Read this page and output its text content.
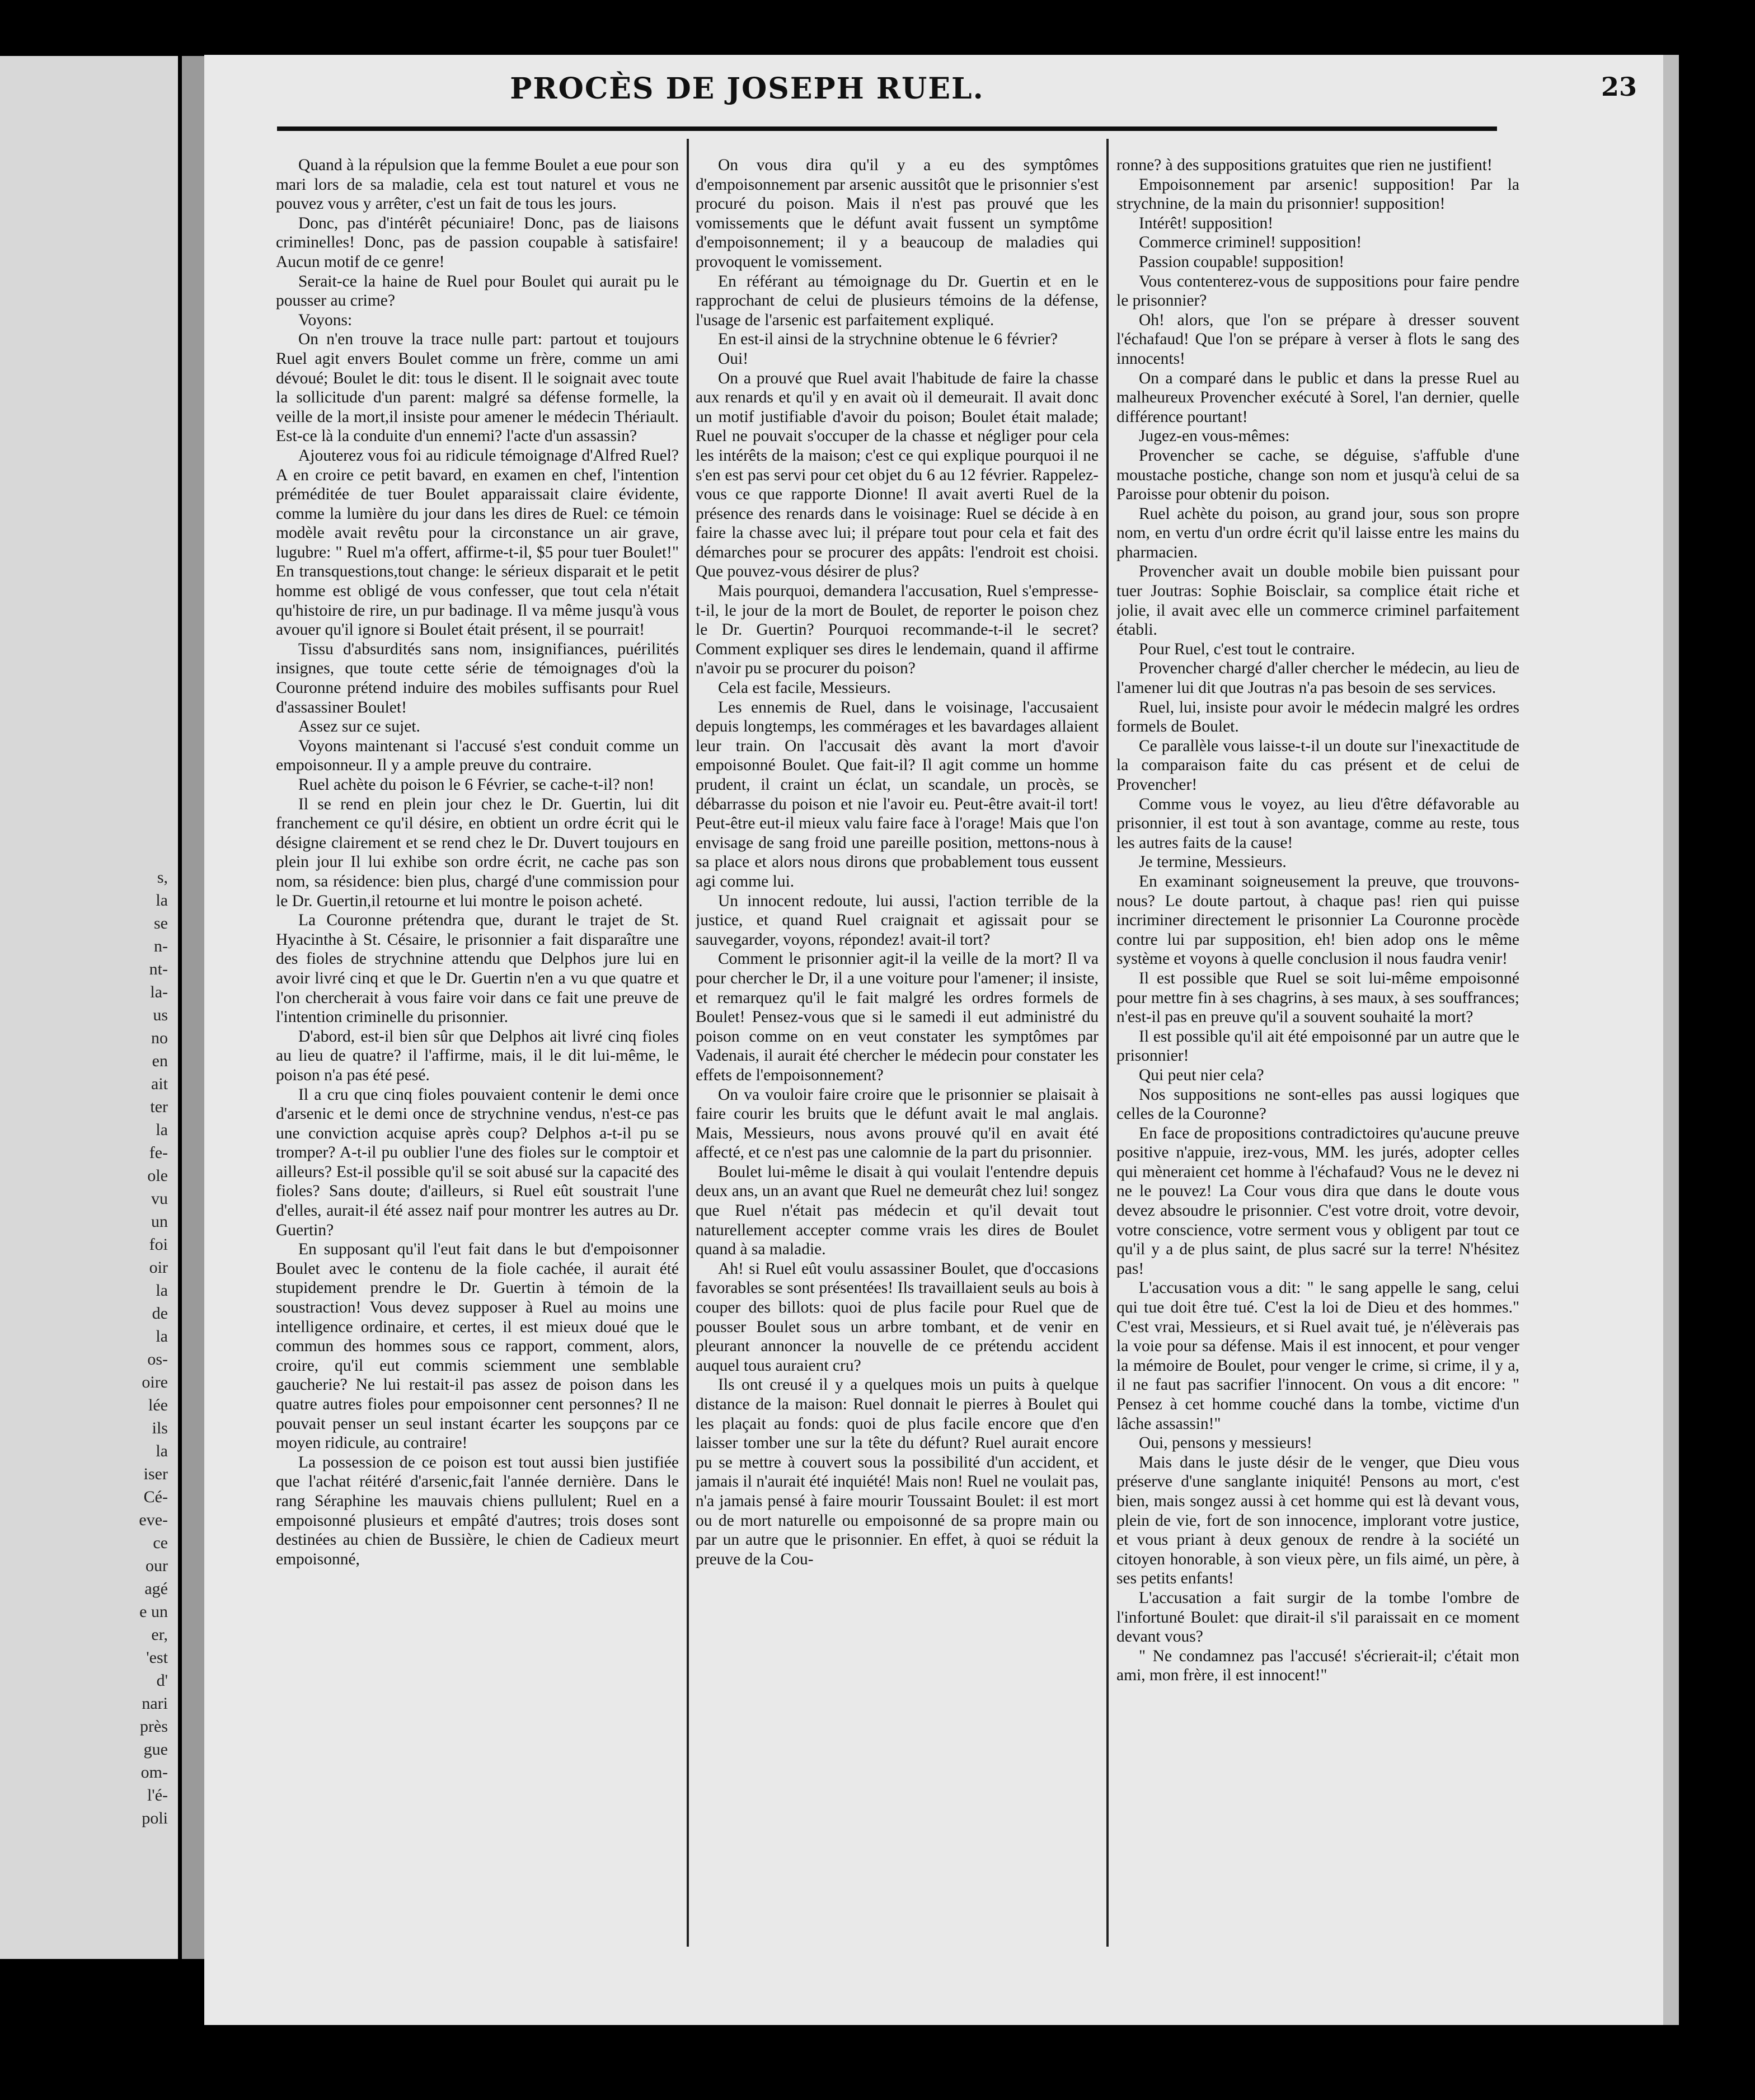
s,
la
se
n-
nt-
la-
us
no
en
ait
ter
la
fe-
ole
vu
un
foi
oir
la
de
la
os-
oire
lée
ils
la
iser
Cé-
eve-
ce
our
agé
e un
er,
'est
d'
nari
près
gue
om-
l'é-
poli
PROCÈS DE JOSEPH RUEL.	23

Quand à la répulsion que la femme Boulet a eue pour son mari lors de sa maladie, cela est tout naturel et vous ne pouvez vous y arrêter, c'est un fait de tous les jours.

Donc, pas d'intérêt pécuniaire! Donc, pas de liaisons criminelles! Donc, pas de passion coupable à satisfaire! Aucun motif de ce genre!

Serait-ce la haine de Ruel pour Boulet qui aurait pu le pousser au crime?

Voyons:

On n'en trouve la trace nulle part: partout et toujours Ruel agit envers Boulet comme un frère, comme un ami dévoué; Boulet le dit: tous le disent. Il le soignait avec toute la sollicitude d'un parent: malgré sa défense formelle, la veille de la mort,il insiste pour amener le médecin Thériault. Est-ce là la conduite d'un ennemi? l'acte d'un assassin?

Ajouterez vous foi au ridicule témoignage d'Alfred Ruel? A en croire ce petit bavard, en examen en chef, l'intention préméditée de tuer Boulet apparaissait claire évidente, comme la lumière du jour dans les dires de Ruel: ce témoin modèle avait revêtu pour la circonstance un air grave, lugubre: " Ruel m'a offert, affirme-t-il, $5 pour tuer Boulet!" En transquestions,tout change: le sérieux disparait et le petit homme est obligé de vous confesser, que tout cela n'était qu'histoire de rire, un pur badinage. Il va même jusqu'à vous avouer qu'il ignore si Boulet était présent, il se pourrait!

Tissu d'absurdités sans nom, insignifiances, puérilités insignes, que toute cette série de témoignages d'où la Couronne prétend induire des mobiles suffisants pour Ruel d'assassiner Boulet!

Assez sur ce sujet.

Voyons maintenant si l'accusé s'est conduit comme un empoisonneur. Il y a ample preuve du contraire.

Ruel achète du poison le 6 Février, se cache-t-il? non!

Il se rend en plein jour chez le Dr. Guertin, lui dit franchement ce qu'il désire, en obtient un ordre écrit qui le désigne clairement et se rend chez le Dr. Duvert toujours en plein jour Il lui exhibe son ordre écrit, ne cache pas son nom, sa résidence: bien plus, chargé d'une commission pour le Dr. Guertin,il retourne et lui montre le poison acheté.

La Couronne prétendra que, durant le trajet de St. Hyacinthe à St. Césaire, le prisonnier a fait disparaître une des fioles de strychnine attendu que Delphos jure lui en avoir livré cinq et que le Dr. Guertin n'en a vu que quatre et l'on chercherait à vous faire voir dans ce fait une preuve de l'intention criminelle du prisonnier.

D'abord, est-il bien sûr que Delphos ait livré cinq fioles au lieu de quatre? il l'affirme, mais, il le dit lui-même, le poison n'a pas été pesé.

Il a cru que cinq fioles pouvaient contenir le demi once d'arsenic et le demi once de strychnine vendus, n'est-ce pas une conviction acquise après coup? Delphos a-t-il pu se tromper? A-t-il pu oublier l'une des fioles sur le comptoir et ailleurs? Est-il possible qu'il se soit abusé sur la capacité des fioles? Sans doute; d'ailleurs, si Ruel eût soustrait l'une d'elles, aurait-il été assez naif pour montrer les autres au Dr. Guertin?

En supposant qu'il l'eut fait dans le but d'empoisonner Boulet avec le contenu de la fiole cachée, il aurait été stupidement prendre le Dr. Guertin à témoin de la soustraction! Vous devez supposer à Ruel au moins une intelligence ordinaire, et certes, il est mieux doué que le commun des hommes sous ce rapport, comment, alors, croire, qu'il eut commis sciemment une semblable gaucherie? Ne lui restait-il pas assez de poison dans les quatre autres fioles pour empoisonner cent personnes? Il ne pouvait penser un seul instant écarter les soupçons par ce moyen ridicule, au contraire!

La possession de ce poison est tout aussi bien justifiée que l'achat réitéré d'arsenic,fait l'année dernière. Dans le rang Séraphine les mauvais chiens pullulent; Ruel en a empoisonné plusieurs et empâté d'autres; trois doses sont destinées au chien de Bussière, le chien de Cadieux meurt empoisonné,

On vous dira qu'il y a eu des symptômes d'empoisonnement par arsenic aussitôt que le prisonnier s'est procuré du poison. Mais il n'est pas prouvé que les vomissements que le défunt avait fussent un symptôme d'empoisonnement; il y a beaucoup de maladies qui provoquent le vomissement.

En référant au témoignage du Dr. Guertin et en le rapprochant de celui de plusieurs témoins de la défense, l'usage de l'arsenic est parfaitement expliqué.

En est-il ainsi de la strychnine obtenue le 6 février?

Oui!

On a prouvé que Ruel avait l'habitude de faire la chasse aux renards et qu'il y en avait où il demeurait. Il avait donc un motif justifiable d'avoir du poison; Boulet était malade; Ruel ne pouvait s'occuper de la chasse et négliger pour cela les intérêts de la maison; c'est ce qui explique pourquoi il ne s'en est pas servi pour cet objet du 6 au 12 février. Rappelez-vous ce que rapporte Dionne! Il avait averti Ruel de la présence des renards dans le voisinage: Ruel se décide à en faire la chasse avec lui; il prépare tout pour cela et fait des démarches pour se procurer des appâts: l'endroit est choisi. Que pouvez-vous désirer de plus?

Mais pourquoi, demandera l'accusation, Ruel s'empresse-t-il, le jour de la mort de Boulet, de reporter le poison chez le Dr. Guertin? Pourquoi recommande-t-il le secret? Comment expliquer ses dires le lendemain, quand il affirme n'avoir pu se procurer du poison?

Cela est facile, Messieurs.

Les ennemis de Ruel, dans le voisinage, l'accusaient depuis longtemps, les commérages et les bavardages allaient leur train. On l'accusait dès avant la mort d'avoir empoisonné Boulet. Que fait-il? Il agit comme un homme prudent, il craint un éclat, un scandale, un procès, se débarrasse du poison et nie l'avoir eu. Peut-être avait-il tort! Peut-être eut-il mieux valu faire face à l'orage! Mais que l'on envisage de sang froid une pareille position, mettons-nous à sa place et alors nous dirons que probablement tous eussent agi comme lui.

Un innocent redoute, lui aussi, l'action terrible de la justice, et quand Ruel craignait et agissait pour se sauvegarder, voyons, répondez! avait-il tort?

Comment le prisonnier agit-il la veille de la mort? Il va pour chercher le Dr, il a une voiture pour l'amener; il insiste, et remarquez qu'il le fait malgré les ordres formels de Boulet! Pensez-vous que si le samedi il eut administré du poison comme on en veut constater les symptômes par Vadenais, il aurait été chercher le médecin pour constater les effets de l'empoisonnement?

On va vouloir faire croire que le prisonnier se plaisait à faire courir les bruits que le défunt avait le mal anglais. Mais, Messieurs, nous avons prouvé qu'il en avait été affecté, et ce n'est pas une calomnie de la part du prisonnier.

Boulet lui-même le disait à qui voulait l'entendre depuis deux ans, un an avant que Ruel ne demeurât chez lui! songez que Ruel n'était pas médecin et qu'il devait tout naturellement accepter comme vrais les dires de Boulet quand à sa maladie.

Ah! si Ruel eût voulu assassiner Boulet, que d'occasions favorables se sont présentées! Ils travaillaient seuls au bois à couper des billots: quoi de plus facile pour Ruel que de pousser Boulet sous un arbre tombant, et de venir en pleurant annoncer la nouvelle de ce prétendu accident auquel tous auraient cru?

Ils ont creusé il y a quelques mois un puits à quelque distance de la maison: Ruel donnait le pierres à Boulet qui les plaçait au fonds: quoi de plus facile encore que d'en laisser tomber une sur la tête du défunt? Ruel aurait encore pu se mettre à couvert sous la possibilité d'un accident, et jamais il n'aurait été inquiété! Mais non! Ruel ne voulait pas, n'a jamais pensé à faire mourir Toussaint Boulet: il est mort ou de mort naturelle ou empoisonné de sa propre main ou par un autre que le prisonnier. En effet, à quoi se réduit la preuve de la Cou-

ronne? à des suppositions gratuites que rien ne justifient!

Empoisonnement par arsenic! supposition! Par la strychnine, de la main du prisonnier! supposition!

Intérêt! supposition!

Commerce criminel! supposition!

Passion coupable! supposition!

Vous contenterez-vous de suppositions pour faire pendre le prisonnier?

Oh! alors, que l'on se prépare à dresser souvent l'échafaud! Que l'on se prépare à verser à flots le sang des innocents!

On a comparé dans le public et dans la presse Ruel au malheureux Provencher exécuté à Sorel, l'an dernier, quelle différence pourtant!

Jugez-en vous-mêmes:

Provencher se cache, se déguise, s'affuble d'une moustache postiche, change son nom et jusqu'à celui de sa Paroisse pour obtenir du poison.

Ruel achète du poison, au grand jour, sous son propre nom, en vertu d'un ordre écrit qu'il laisse entre les mains du pharmacien.

Provencher avait un double mobile bien puissant pour tuer Joutras: Sophie Boisclair, sa complice était riche et jolie, il avait avec elle un commerce criminel parfaitement établi.

Pour Ruel, c'est tout le contraire.

Provencher chargé d'aller chercher le médecin, au lieu de l'amener lui dit que Joutras n'a pas besoin de ses services.

Ruel, lui, insiste pour avoir le médecin malgré les ordres formels de Boulet.

Ce parallèle vous laisse-t-il un doute sur l'inexactitude de la comparaison faite du cas présent et de celui de Provencher!

Comme vous le voyez, au lieu d'être défavorable au prisonnier, il est tout à son avantage, comme au reste, tous les autres faits de la cause!

Je termine, Messieurs.

En examinant soigneusement la preuve, que trouvons-nous? Le doute partout, à chaque pas! rien qui puisse incriminer directement le prisonnier La Couronne procède contre lui par supposition, eh! bien adop ons le même système et voyons à quelle conclusion il nous faudra venir!

Il est possible que Ruel se soit lui-même empoisonné pour mettre fin à ses chagrins, à ses maux, à ses souffrances; n'est-il pas en preuve qu'il a souvent souhaité la mort?

Il est possible qu'il ait été empoisonné par un autre que le prisonnier!

Qui peut nier cela?

Nos suppositions ne sont-elles pas aussi logiques que celles de la Couronne?

En face de propositions contradictoires qu'aucune preuve positive n'appuie, irez-vous, MM. les jurés, adopter celles qui mèneraient cet homme à l'échafaud? Vous ne le devez ni ne le pouvez! La Cour vous dira que dans le doute vous devez absoudre le prisonnier. C'est votre droit, votre devoir, votre conscience, votre serment vous y obligent par tout ce qu'il y a de plus saint, de plus sacré sur la terre! N'hésitez pas!

L'accusation vous a dit: " le sang appelle le sang, celui qui tue doit être tué. C'est la loi de Dieu et des hommes." C'est vrai, Messieurs, et si Ruel avait tué, je n'élèverais pas la voie pour sa défense. Mais il est innocent, et pour venger la mémoire de Boulet, pour venger le crime, si crime, il y a, il ne faut pas sacrifier l'innocent. On vous a dit encore: " Pensez à cet homme couché dans la tombe, victime d'un lâche assassin!"

Oui, pensons y messieurs!

Mais dans le juste désir de le venger, que Dieu vous préserve d'une sanglante iniquité! Pensons au mort, c'est bien, mais songez aussi à cet homme qui est là devant vous, plein de vie, fort de son innocence, implorant votre justice, et vous priant à deux genoux de rendre à la société un citoyen honorable, à son vieux père, un fils aimé, un père, à ses petits enfants!

L'accusation a fait surgir de la tombe l'ombre de l'infortuné Boulet: que dirait-il s'il paraissait en ce moment devant vous?

" Ne condamnez pas l'accusé! s'écrierait-il; c'était mon ami, mon frère, il est innocent!"
